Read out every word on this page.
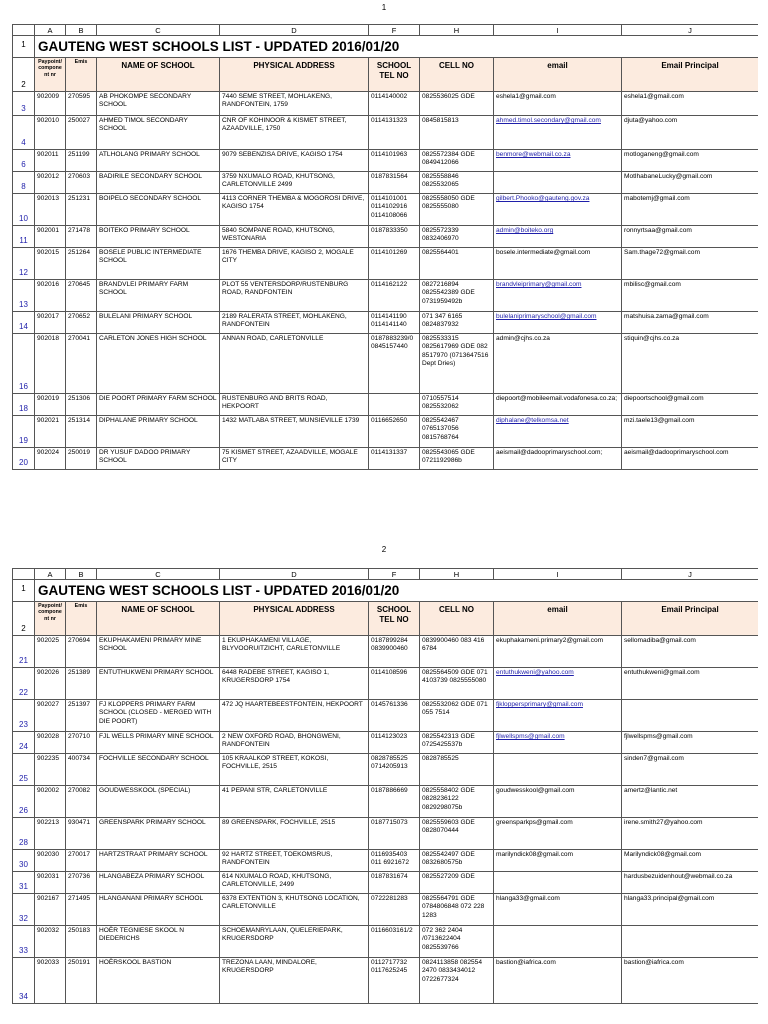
1
	A	B	C	D	F	H	I	J
1	GAUTENG WEST SCHOOLS LIST - UPDATED 2016/01/20							
2	Paypoint/ component nr	Emis	NAME OF SCHOOL	PHYSICAL ADDRESS	SCHOOL TEL NO	CELL NO	email	Email Principal
3	902009	270595	AB PHOKOMPE SECONDARY SCHOOL	7440 SEME STREET, MOHLAKENG, RANDFONTEIN, 1759	0114140002	0825536025 GDE	eshela1@gmail.com	eshela1@gmail.com
4	902010	250027	AHMED TIMOL SECONDARY SCHOOL	CNR OF KOHINOOR & KISMET STREET, AZAADVILLE, 1750	0114131323	0845815813	ahmed.timol.secondary@gmail.com	djuta@yahoo.com
6	902011	251199	ATLHOLANG PRIMARY SCHOOL	9079 SEBENZISA DRIVE, KAGISO 1754	0114101963	0825572384 GDE 0849412066	benmore@webmail.co.za	motloganeng@gmail.com
8	902012	270603	BADIRILE SECONDARY SCHOOL	3759 NXUMALO ROAD, KHUTSONG, CARLETONVILLE 2499	0187831564	0825558846 0825532065		MotlhabaneLucky@gmail.com
10	902013	251231	BOIPELO SECONDARY SCHOOL	4113 CORNER THEMBA & MOGOROSI DRIVE, KAGISO 1754	0114101001 0114102916 0114108066	0825558050 GDE 0825555080	gilbert.Phooko@gauteng.gov.za	mabotemj@gmail.com
11	902001	271478	BOITEKO PRIMARY SCHOOL	5840 SOMPANE ROAD, KHUTSONG, WESTONARIA	0187833350	0825572339 0832406970	admin@boiteko.org	ronnyrtsaa@gmail.com
12	902015	251264	BOSELE PUBLIC INTERMEDIATE SCHOOL	1676 THEMBA DRIVE, KAGISO 2, MOGALE CITY	0114101269	0825564401	bosele.intermediate@gmail.com	Sam.thage72@gmail.com
13	902016	270645	BRANDVLEI PRIMARY FARM SCHOOL	PLOT 55 VENTERSDORP/RUSTENBURG ROAD, RANDFONTEIN	0114162122	0827216894 0825542389 GDE 0731959492b	brandvleiprimary@gmail.com	mbilisc@gmail.com
14	902017	270652	BULELANI PRIMARY SCHOOL	2189 RALERATA STREET, MOHLAKENG, RANDFONTEIN	0114141190 0114141140	071 347 6165 0824837932	bulelaniprimaryschool@gmail.com	matshuisa.zama@gmail.com
16	902018	270041	CARLETON JONES HIGH SCHOOL	ANNAN ROAD, CARLETONVILLE	0187883239/0 0845157440	0825533315 0825617969 GDE 082 8517970 (0713647516 Dept Dries)	admin@cjhs.co.za	stiquin@cjhs.co.za
18	902019	251306	DIE POORT PRIMARY FARM SCHOOL	RUSTENBURG AND BRITS ROAD, HEKPOORT		0710557514 0825532062	diepoort@mobileemail.vodafonesa.co.za;	diepoortschool@gmail.com
19	902021	251314	DIPHALANE PRIMARY SCHOOL	1432 MATLABA STREET, MUNSIEVILLE 1739	0116652650	0825542467 0765137056 0815768764	diphalane@telkomsa.net	mzi.taele13@gmail.com
20	902024	250019	DR YUSUF DADOO PRIMARY SCHOOL	75 KISMET STREET, AZAADVILLE, MOGALE CITY	0114131337	0825543065 GDE 0721192986b	aeismail@dadooprimaryschool.com;	aeismail@dadooprimaryschool.com
2
	A	B	C	D	F	H	I	J
1	GAUTENG WEST SCHOOLS LIST - UPDATED 2016/01/20							
2	Paypoint/ component nr	Emis	NAME OF SCHOOL	PHYSICAL ADDRESS	SCHOOL TEL NO	CELL NO	email	Email Principal
21	902025	270694	EKUPHAKAMENI PRIMARY MINE SCHOOL	1 EKUPHAKAMENI VILLAGE, BLYVOORUITZICHT, CARLETONVILLE	0187899284 0839900460	0839900460 083 416 6784	ekuphakameni.primary2@gmail.com	sellomadiba@gmail.com
22	902026	251389	ENTUTHUKWENI PRIMARY SCHOOL	6448 RADEBE STREET, KAGISO 1, KRUGERSDORP 1754	0114108596	0825564509 GDE 071 4103739 0825555080	entuthukweni@yahoo.com	entuthukweni@gmail.com
23	902027	251397	FJ KLOPPERS PRIMARY FARM SCHOOL (CLOSED - MERGED WITH DIE POORT)	472 JQ HAARTEBEESTFONTEIN, HEKPOORT	0145761336	0825532062 GDE 071 055 7514	fjkloppersprimary@gmail.com	
24	902028	270710	FJL WELLS PRIMARY MINE SCHOOL	2 NEW OXFORD ROAD, BHONGWENI, RANDFONTEIN	0114123023	0825542313 GDE 0725425537b	fjlwellspms@gmail.com	fjlwellspms@gmail.com
25	902235	400734	FOCHVILLE SECONDARY SCHOOL	105 KRAALKOP STREET, KOKOSI, FOCHVILLE, 2515	0828785525 0714205913	0828785525		sinden7@gmail.com
26	902002	270082	GOUDWESSKOOL (SPECIAL)	41 PEPANI STR, CARLETONVILLE	0187886669	0825558402 GDE 0828236122 0829298075b	goudwesskool@gmail.com	amertz@lantic.net
28	902213	930471	GREENSPARK PRIMARY SCHOOL	89 GREENSPARK, FOCHVILLE, 2515	0187715073	0825559603 GDE 0828070444	greensparkps@gmail.com	irene.smith27@yahoo.com
30	902030	270017	HARTZSTRAAT PRIMARY SCHOOL	92 HARTZ STREET, TOEKOMSRUS, RANDFONTEIN	0116935403 011 6921672	0825542497 GDE 0832680575b	marilyndick08@gmail.com	Marilyndick08@gmail.com
31	902031	270736	HLANGABEZA PRIMARY SCHOOL	614 NXUMALO ROAD, KHUTSONG, CARLETONVILLE, 2499	0187831674	0825527209 GDE		hardusbezuidenhout@webmail.co.za
32	902167	271495	HLANGANANI PRIMARY SCHOOL	6378 EXTENTION 3, KHUTSONG LOCATION, CARLETONVILLE	0722281283	0825564791 GDE 0784806848 072 228 1283	hlanga33@gmail.com	hlanga33.principal@gmail.com
33	902032	250183	HOËR TEGNIESE SKOOL N DIEDERICHS	SCHOEMANRYLAAN, QUELERIEPARK, KRUGERSDORP	0116603161/2	072 362 2404 /0713622404 0825539766		
34	902033	250191	HOËRSKOOL BASTION	TREZONA LAAN, MINDALORE, KRUGERSDORP	0112717732 0117625245	0824113858 082554 2470 0833434012 0722677324	bastion@iafrica.com	bastion@iafrica.com
